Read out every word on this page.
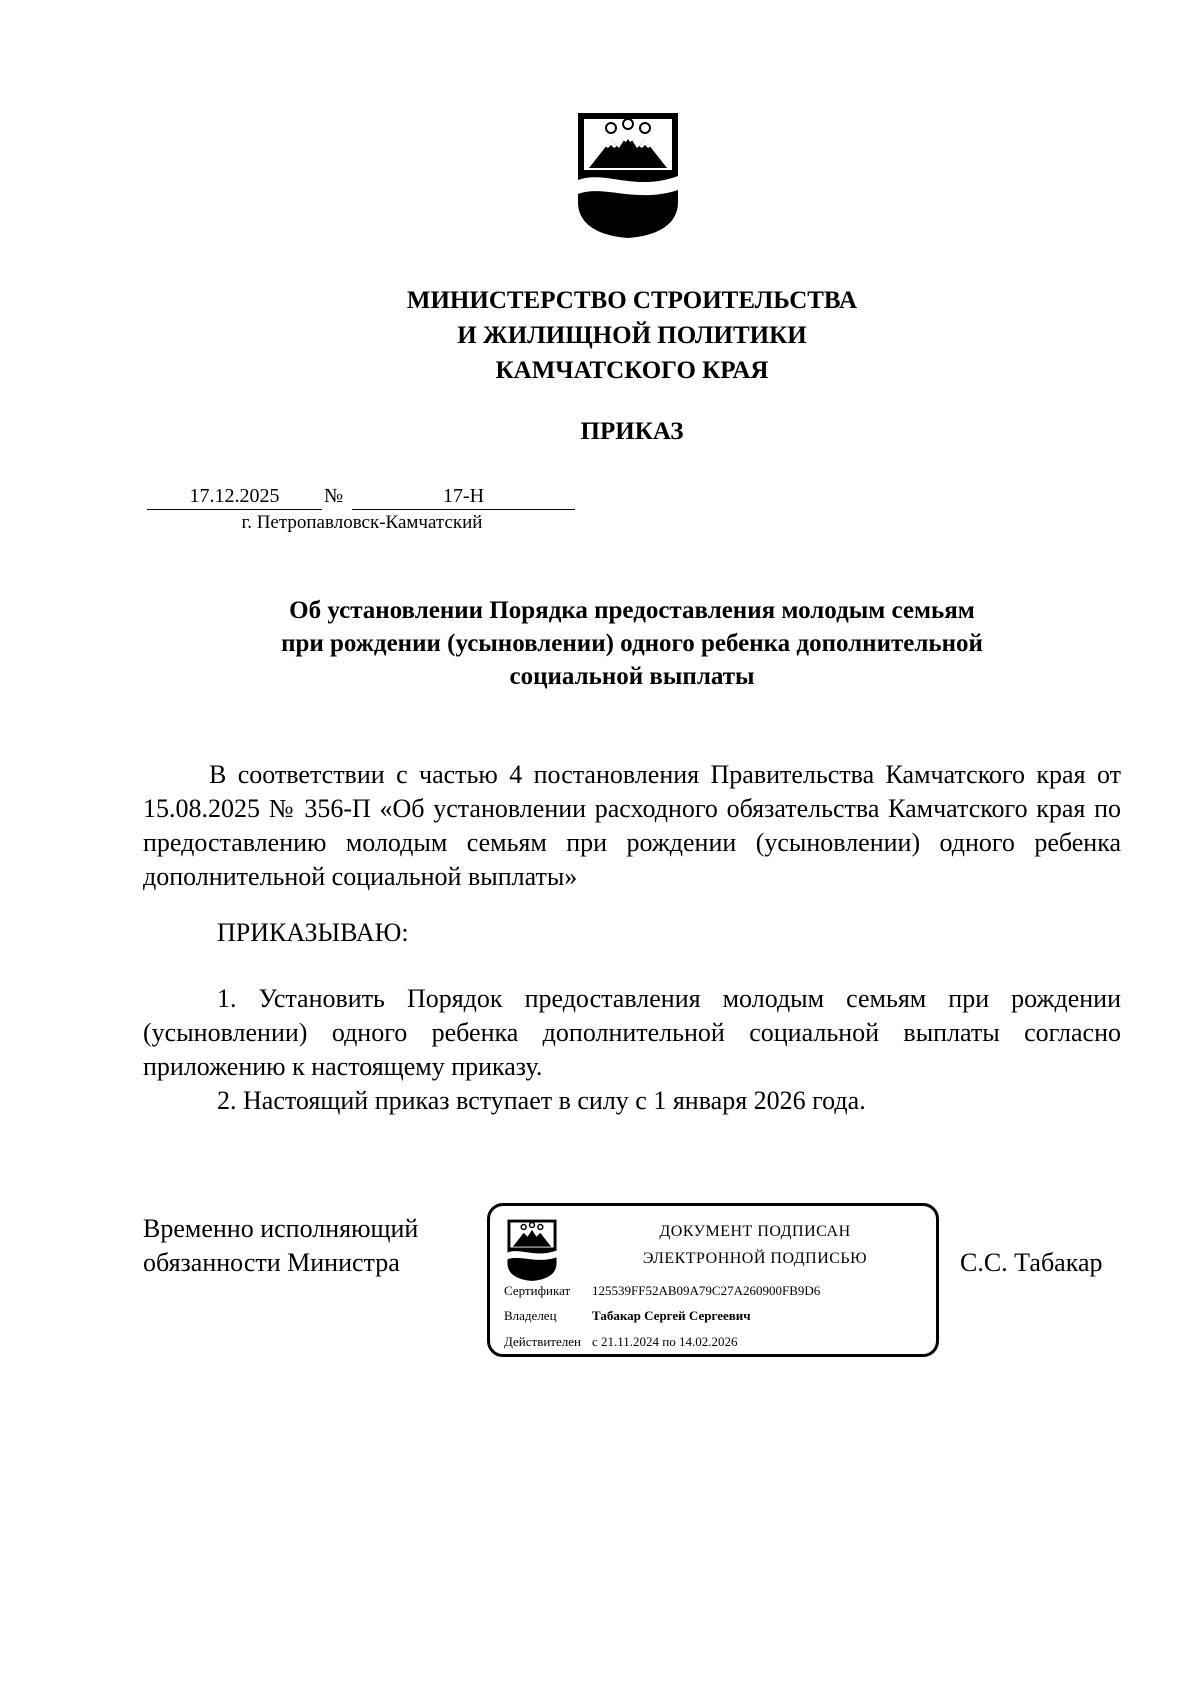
МИНИСТЕРСТВО СТРОИТЕЛЬСТВА
И ЖИЛИЩНОЙ ПОЛИТИКИ
КАМЧАТСКОГО КРАЯ
ПРИКАЗ
17.12.2025	№	17-Н
г. Петропавловск-Камчатский
Об установлении Порядка предоставления молодым семьям
при рождении (усыновлении) одного ребенка дополнительной
социальной выплаты
В соответствии с частью 4 постановления Правительства Камчатского края от 15.08.2025 № 356-П «Об установлении расходного обязательства Камчатского края по предоставлению молодым семьям при рождении (усыновлении) одного ребенка дополнительной социальной выплаты»
ПРИКАЗЫВАЮ:
1. Установить Порядок предоставления молодым семьям при рождении (усыновлении) одного ребенка дополнительной социальной выплаты согласно приложению к настоящему приказу.
2. Настоящий приказ вступает в силу с 1 января 2026 года.
Временно исполняющий
обязанности Министра
ДОКУМЕНТ ПОДПИСАН
ЭЛЕКТРОННОЙ ПОДПИСЬЮ
Сертификат 125539FF52AB09A79C27A260900FB9D6
Владелец	Табакар Сергей Сергеевич
Действителен с 21.11.2024 по 14.02.2026
С.С. Табакар
